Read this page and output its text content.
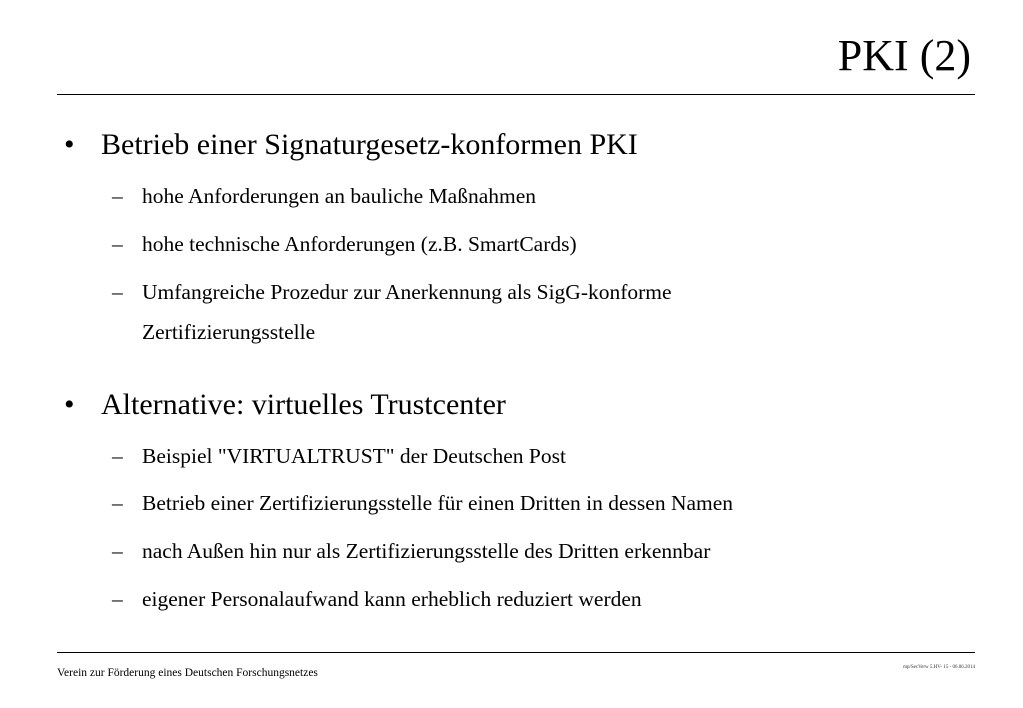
PKI (2)
• Betrieb einer Signaturgesetz-konformen PKI
– hohe Anforderungen an bauliche Maßnahmen
– hohe technische Anforderungen (z.B. SmartCards)
– Umfangreiche Prozedur zur Anerkennung als SigG-konforme
Zertifizierungsstelle
• Alternative: virtuelles Trustcenter
– Beispiel "VIRTUALTRUST" der Deutschen Post
– Betrieb einer Zertifizierungsstelle für einen Dritten in dessen Namen
– nach Außen hin nur als Zertifizierungsstelle des Dritten erkennbar
– eigener Personalaufwand kann erheblich reduziert werden
Verein zur Förderung eines Deutschen Forschungsnetzes	mp/SecVerw 5.HV- 15 - 06.06.2014
